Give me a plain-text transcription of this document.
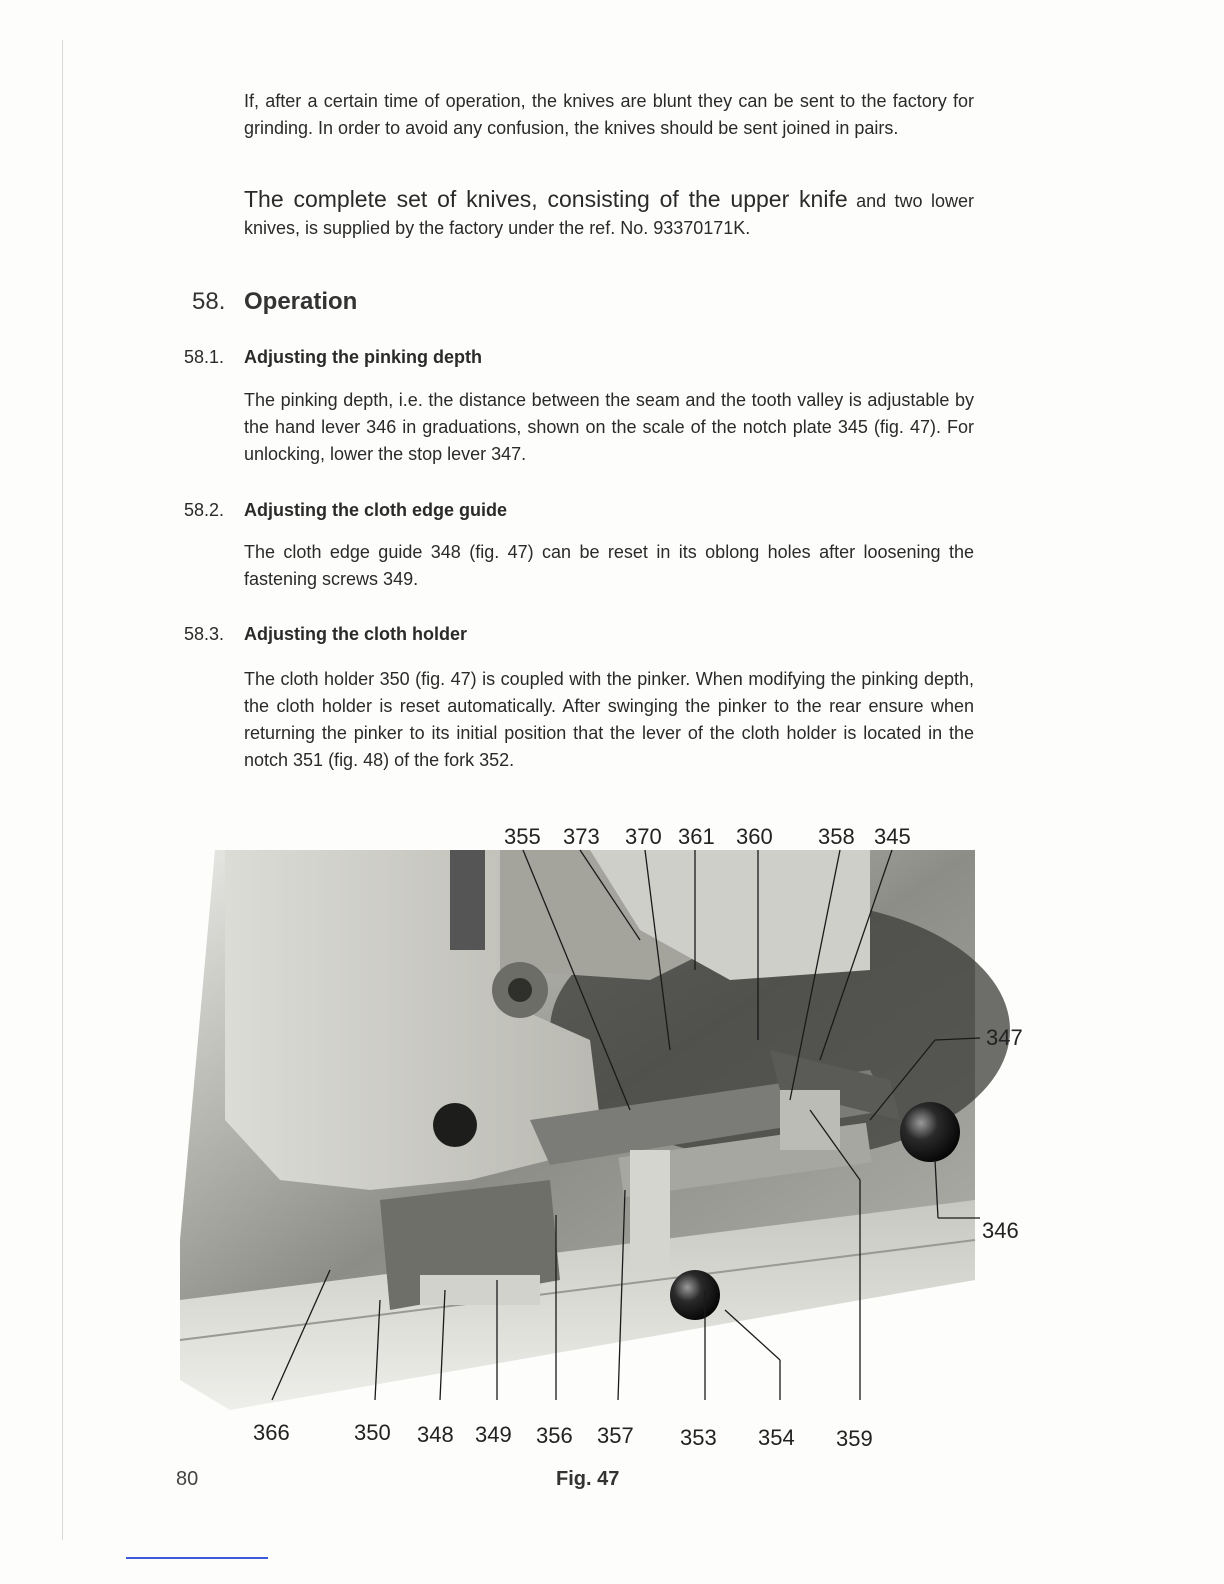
If, after a certain time of operation, the knives are blunt they can be sent to the factory for grinding. In order to avoid any confusion, the knives should be sent joined in pairs.

The complete set of knives, consisting of the upper knife and two lower knives, is supplied by the factory under the ref. No. 93370171K.

58. Operation
58.1. Adjusting the pinking depth

The pinking depth, i.e. the distance between the seam and the tooth valley is adjustable by the hand lever 346 in graduations, shown on the scale of the notch plate 345 (fig. 47). For unlocking, lower the stop lever 347.

58.2. Adjusting the cloth edge guide

The cloth edge guide 348 (fig. 47) can be reset in its oblong holes after loosening the fastening screws 349.

58.3. Adjusting the cloth holder

The cloth holder 350 (fig. 47) is coupled with the pinker. When modifying the pinking depth, the cloth holder is reset automatically. After swinging the pinker to the rear ensure when returning the pinker to its initial position that the lever of the cloth holder is located in the notch 351 (fig. 48) of the fork 352.

355 373 370 361 360 358 345
347
346
366	350 348 349 356 357 353 354 359
80	Fig. 47
